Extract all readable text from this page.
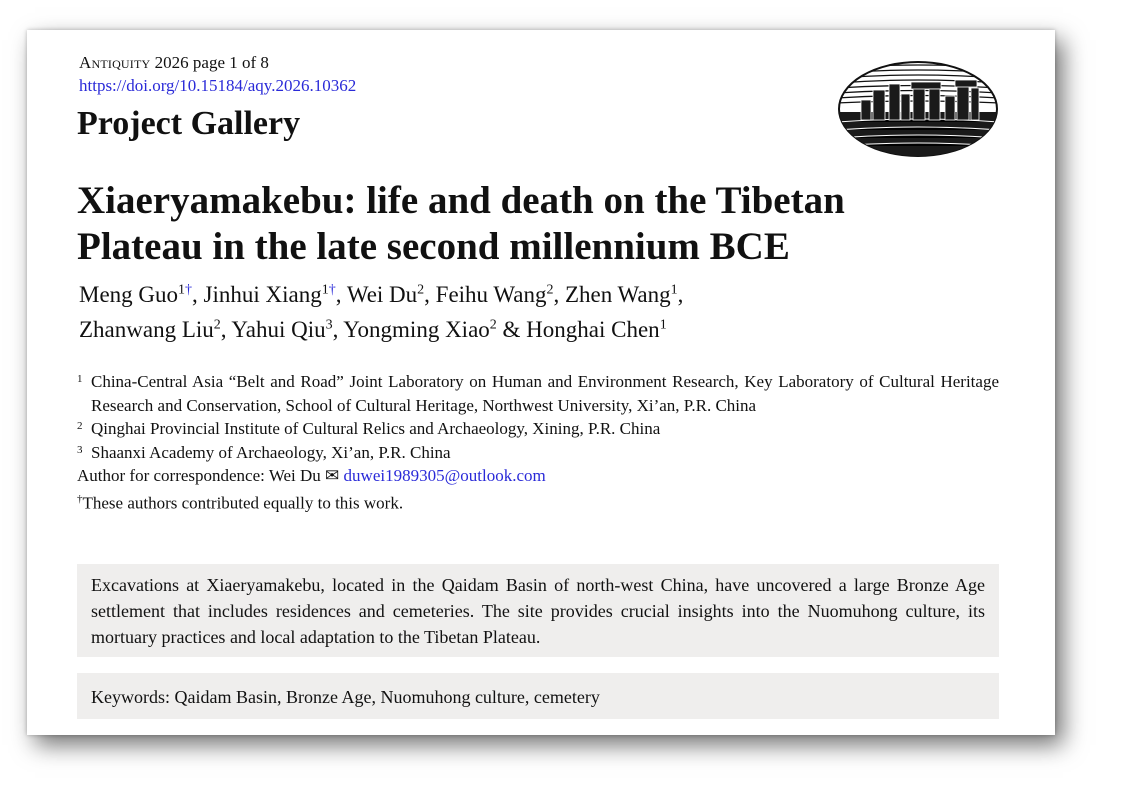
Antiquity 2026 page 1 of 8
https://doi.org/10.15184/aqy.2026.10362
Project Gallery
Xiaeryamakebu: life and death on the Tibetan Plateau in the late second millennium BCE
Meng Guo$^{1\dagger}$, Jinhui Xiang$^{1\dagger}$, Wei Du$^2$, Feihu Wang$^2$, Zhen Wang$^1$,
Zhanwang Liu$^2$, Yahui Qiu$^3$, Yongming Xiao$^2$ & Honghai Chen$^1$
1 China-Central Asia “Belt and Road” Joint Laboratory on Human and Environment Research, Key Laboratory of Cultural Heritage Research and Conservation, School of Cultural Heritage, Northwest University, Xi’an, P.R. China
2 Qinghai Provincial Institute of Cultural Relics and Archaeology, Xining, P.R. China
3 Shaanxi Academy of Archaeology, Xi’an, P.R. China
Author for correspondence: Wei Du ✉ duwei1989305@outlook.com
†These authors contributed equally to this work.
Excavations at Xiaeryamakebu, located in the Qaidam Basin of north-west China, have uncovered a large Bronze Age settlement that includes residences and cemeteries. The site provides crucial insights into the Nuomuhong culture, its mortuary practices and local adaptation to the Tibetan Plateau.
Keywords: Qaidam Basin, Bronze Age, Nuomuhong culture, cemetery
